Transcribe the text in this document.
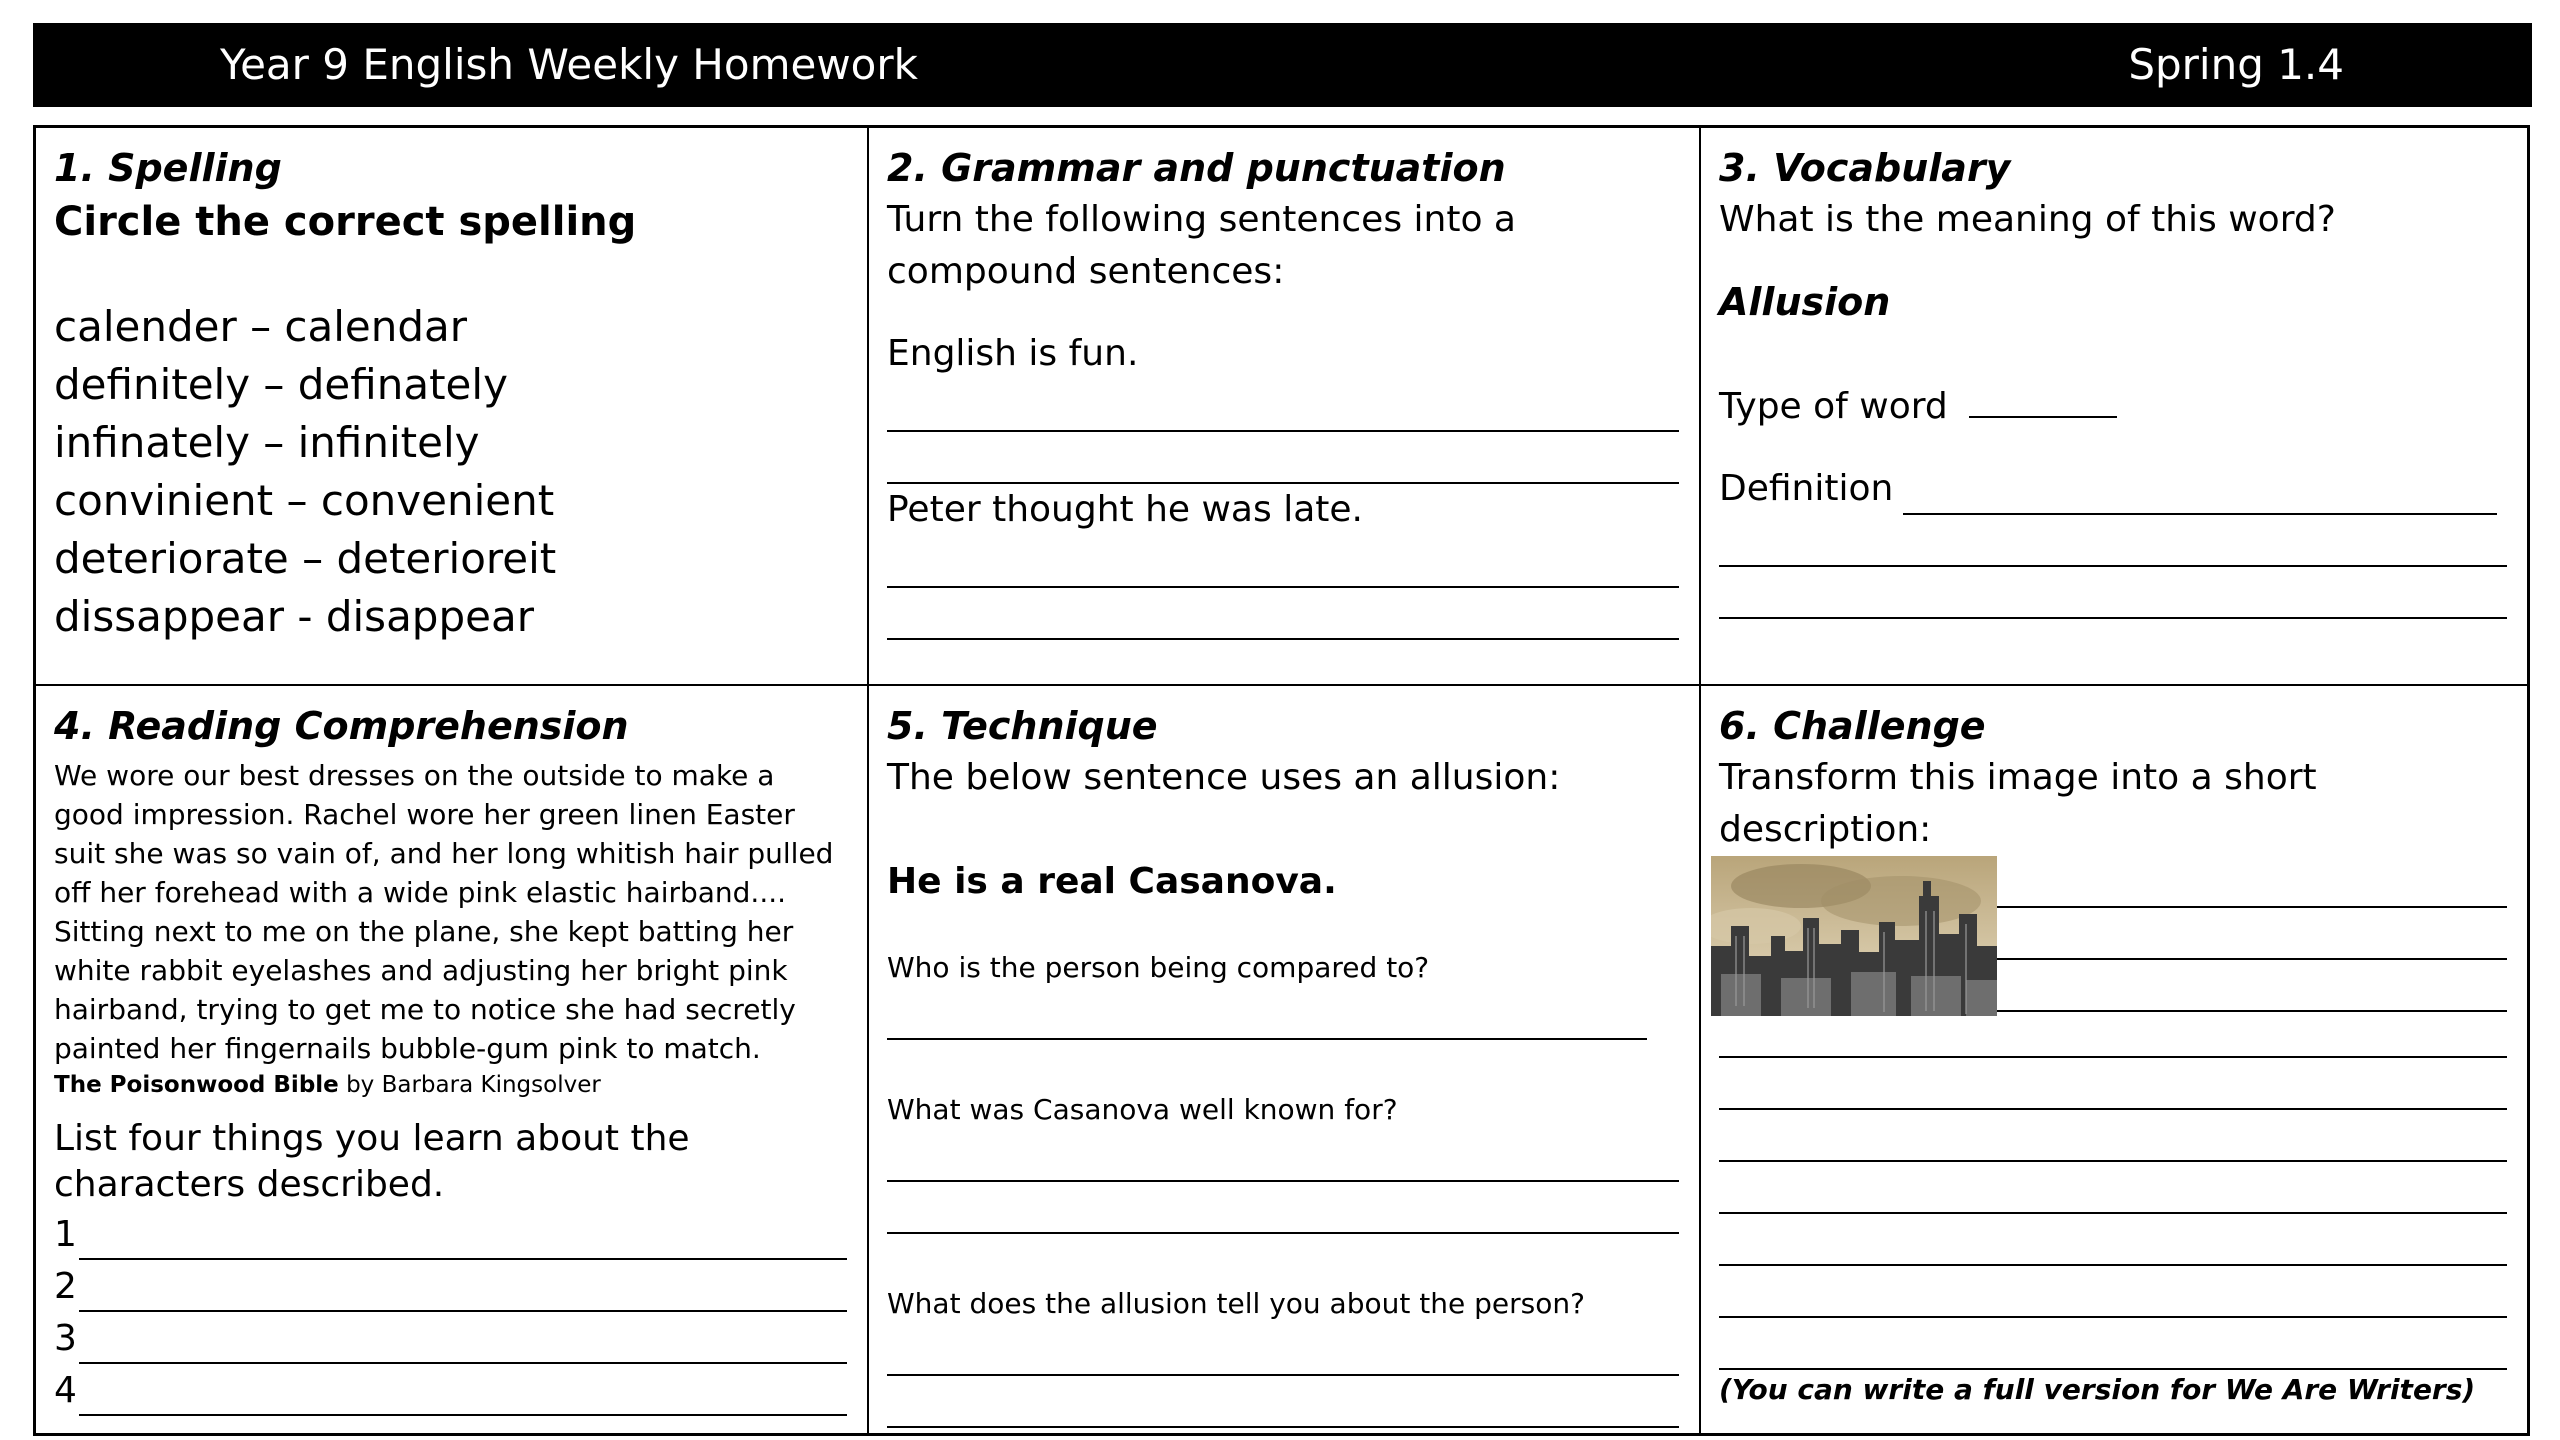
Year 9 English Weekly Homework	Spring 1.4
1. Spelling
Circle the correct spelling
calender – calendar
definitely – definately
infinately – infinitely
convinient – convenient
deteriorate – deterioreit
dissappear - disappear
2. Grammar and punctuation
Turn the following sentences into a compound sentences:
English is fun.
Peter thought he was late.
3. Vocabulary
What is the meaning of this word?
Allusion
Type of word
Definition
4. Reading Comprehension
We wore our best dresses on the outside to make a good impression. Rachel wore her green linen Easter suit she was so vain of, and her long whitish hair pulled off her forehead with a wide pink elastic hairband.... Sitting next to me on the plane, she kept batting her white rabbit eyelashes and adjusting her bright pink hairband, trying to get me to notice she had secretly painted her fingernails bubble-gum pink to match.
The Poisonwood Bible by Barbara Kingsolver
List four things you learn about the characters described.
1
2
3
4
5. Technique
The below sentence uses an allusion:
He is a real Casanova.
Who is the person being compared to?
What was Casanova well known for?
What does the allusion tell you about the person?
6. Challenge
Transform this image into a short description:
(You can write a full version for We Are Writers)
